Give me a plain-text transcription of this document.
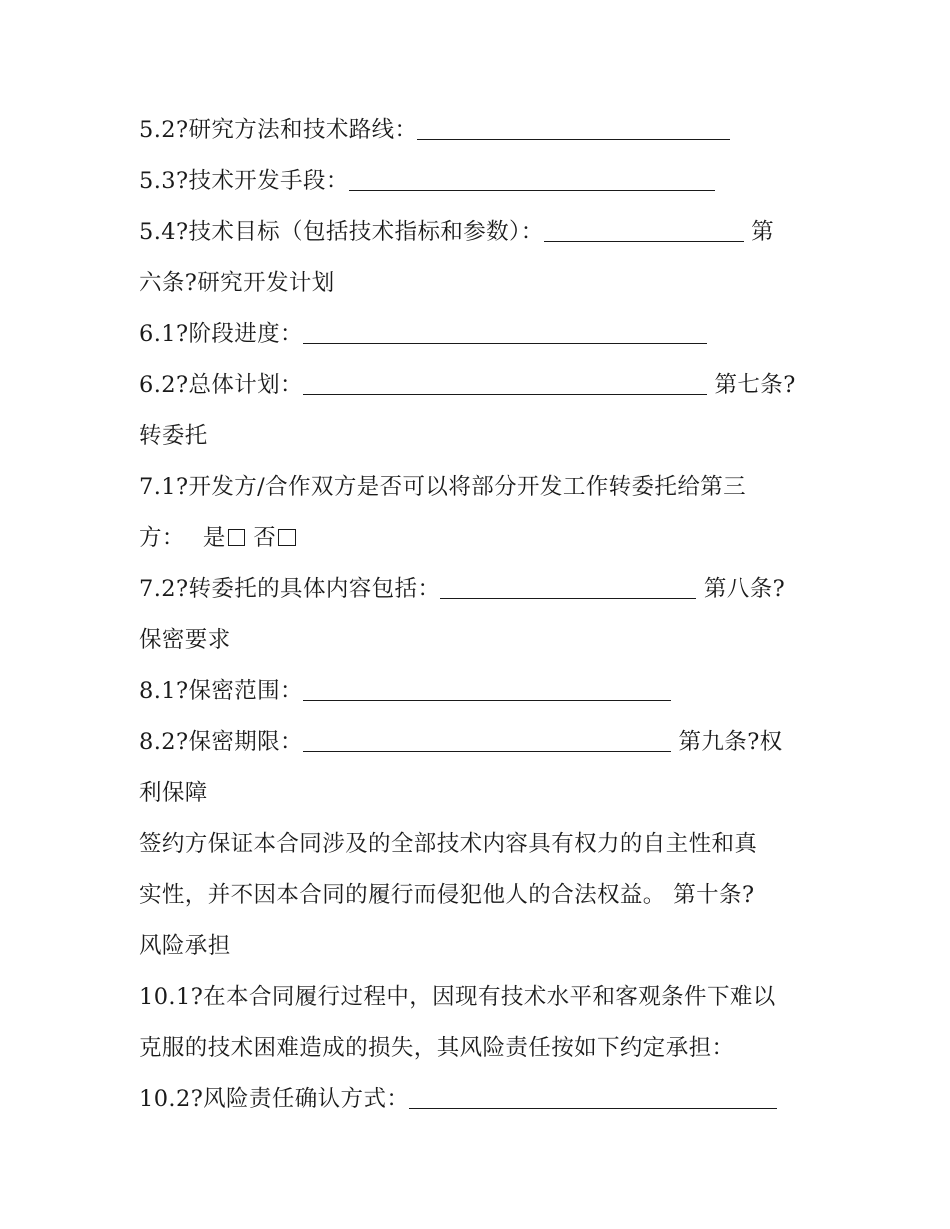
5.2?研究方法和技术路线：
5.3?技术开发手段：
5.4?技术目标（包括技术指标和参数）：	第
六条?研究开发计划
6.1?阶段进度：
6.2?总体计划：	第七条?
转委托
7.1?开发方/合作双方是否可以将部分开发工作转委托给第三
方： 是 否
7.2?转委托的具体内容包括：	第八条?
保密要求
8.1?保密范围：
8.2?保密期限：	第九条?权
利保障
签约方保证本合同涉及的全部技术内容具有权力的自主性和真
实性，并不因本合同的履行而侵犯他人的合法权益。 第十条?
风险承担
10.1?在本合同履行过程中，因现有技术水平和客观条件下难以
克服的技术困难造成的损失，其风险责任按如下约定承担：
10.2?风险责任确认方式：
